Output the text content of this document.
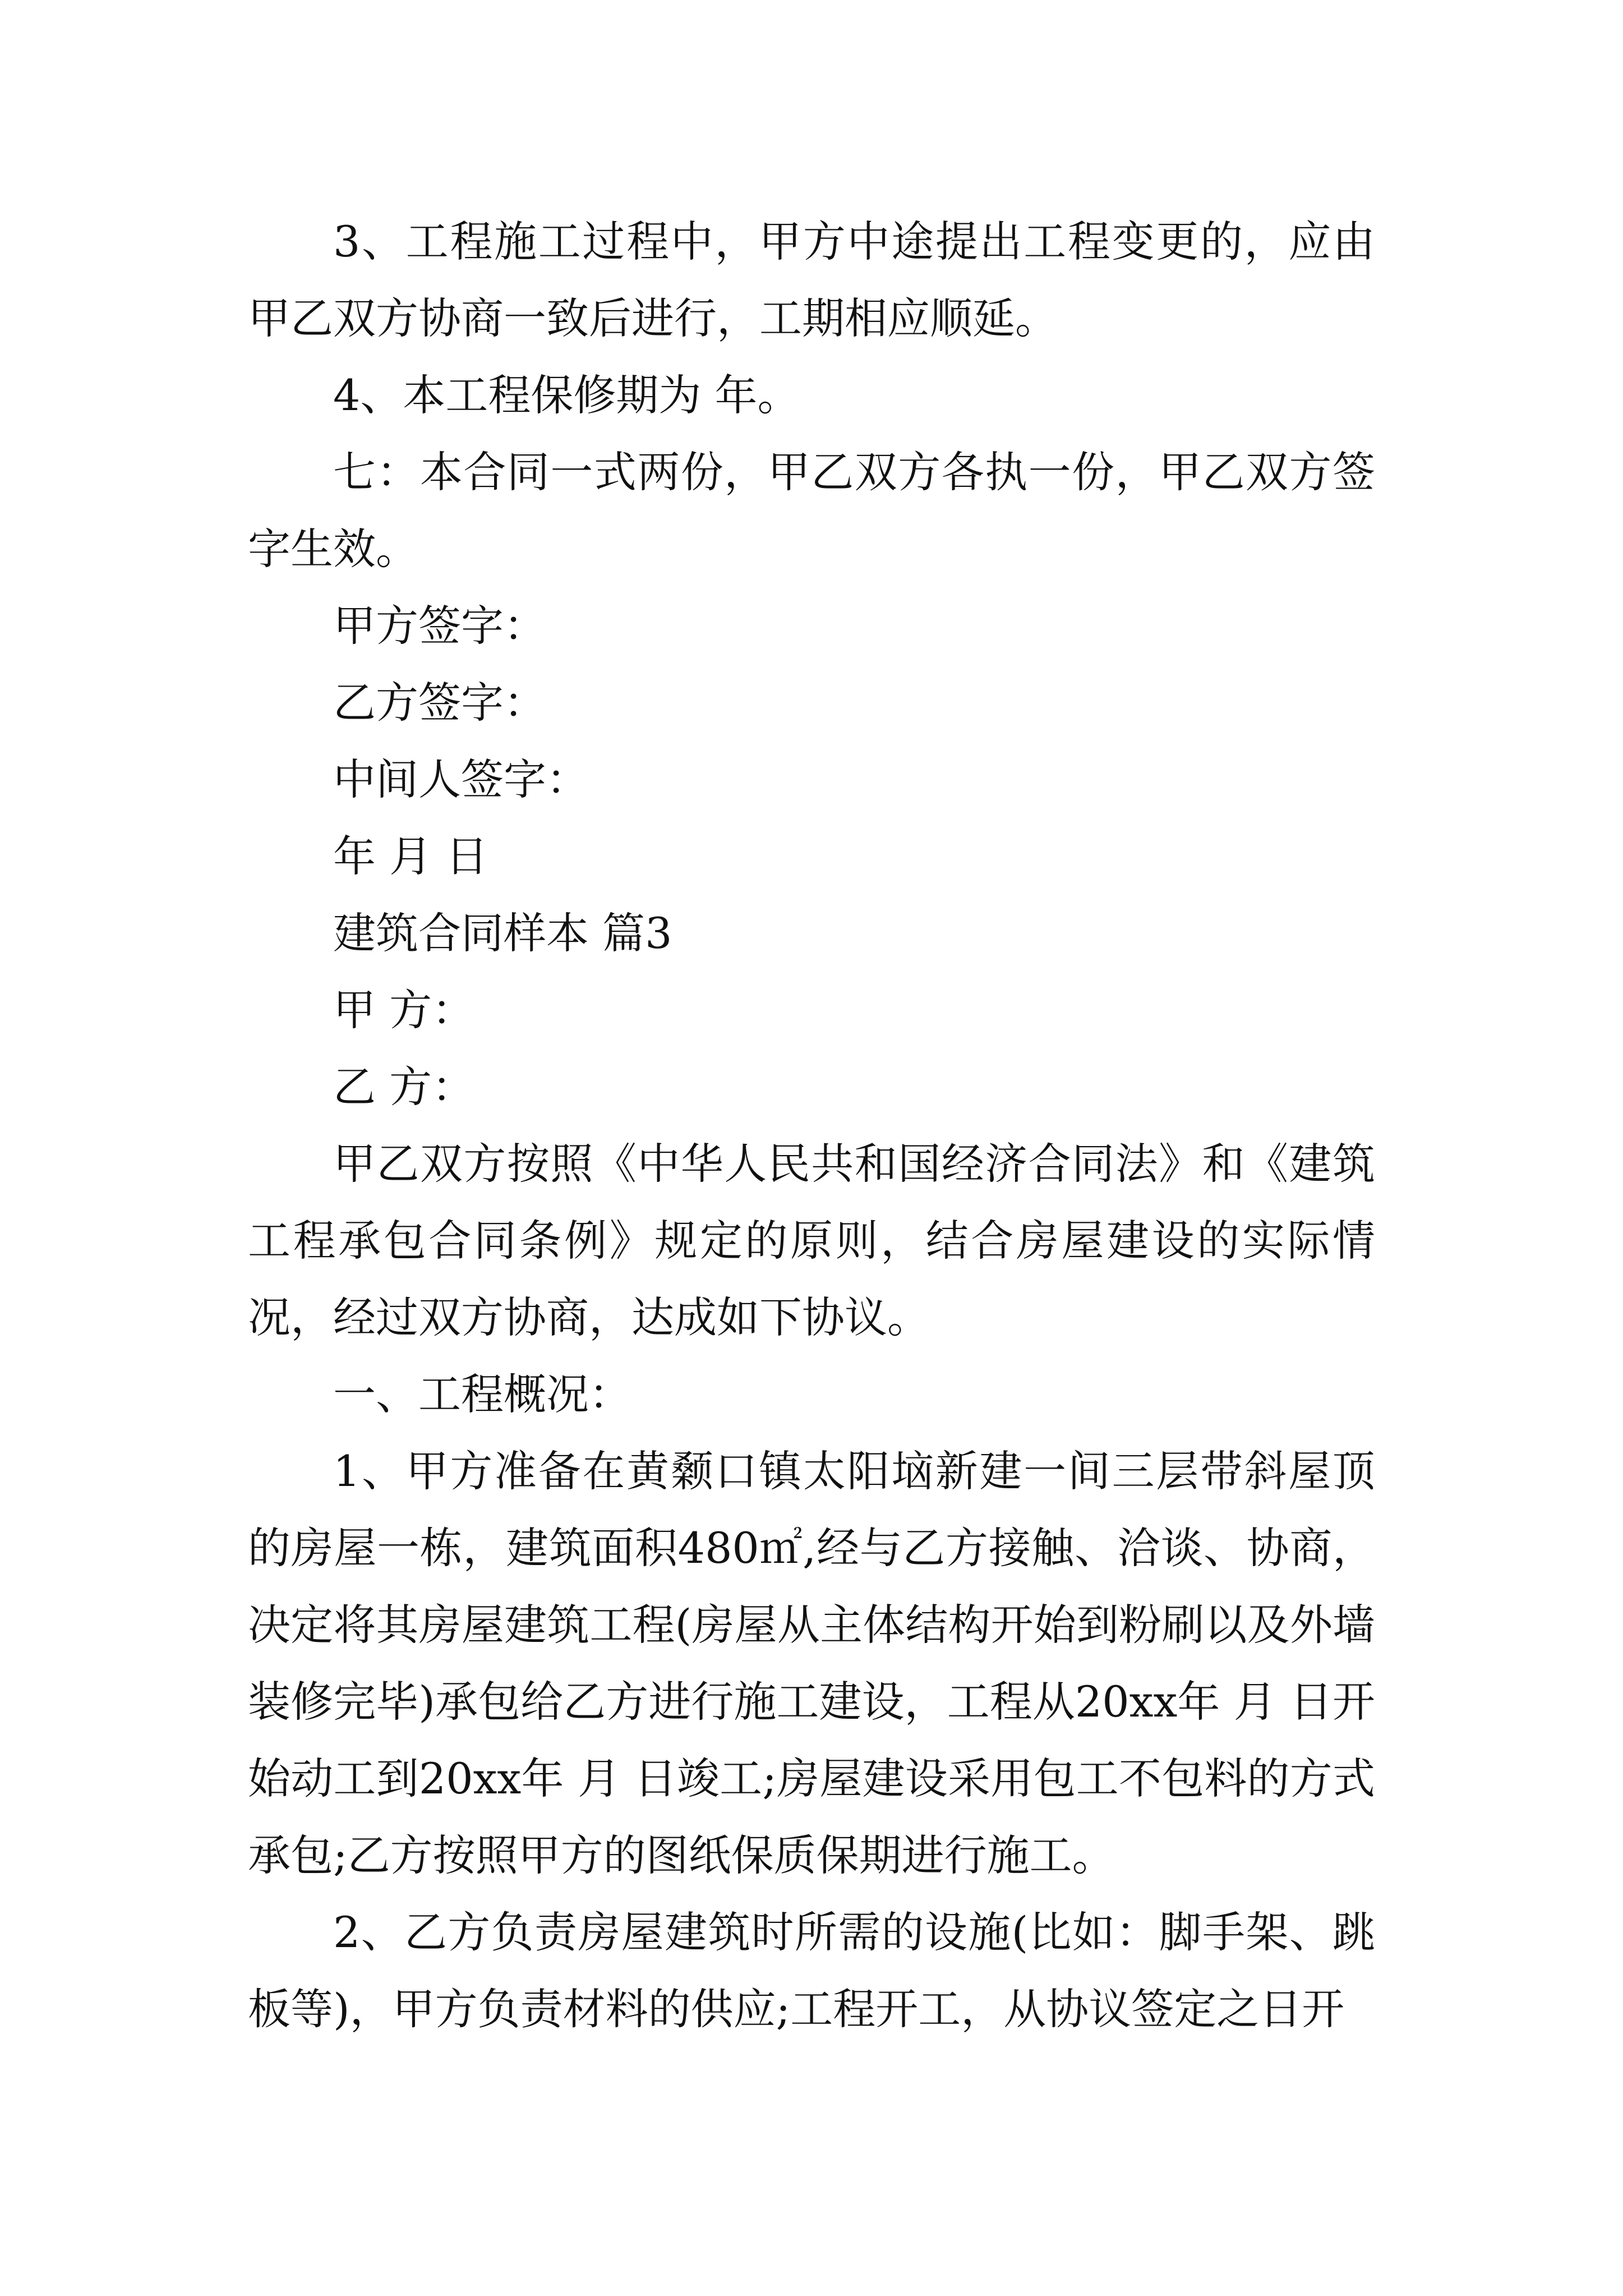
3、工程施工过程中，甲方中途提出工程变更的，应由甲乙双方协商一致后进行，工期相应顺延。

4、本工程保修期为 年。

七：本合同一式两份，甲乙双方各执一份，甲乙双方签字生效。

甲方签字：

乙方签字：

中间人签字：

年 月 日

建筑合同样本 篇3

甲 方：

乙 方：

甲乙双方按照《中华人民共和国经济合同法》和《建筑工程承包合同条例》规定的原则，结合房屋建设的实际情况，经过双方协商，达成如下协议。

一、工程概况：

1、甲方准备在黄颡口镇太阳垴新建一间三层带斜屋顶的房屋一栋，建筑面积480㎡,经与乙方接触、洽谈、协商，决定将其房屋建筑工程(房屋从主体结构开始到粉刷以及外墙装修完毕)承包给乙方进行施工建设，工程从20xx年 月 日开始动工到20xx年 月 日竣工;房屋建设采用包工不包料的方式承包;乙方按照甲方的图纸保质保期进行施工。

2、乙方负责房屋建筑时所需的设施(比如：脚手架、跳板等)，甲方负责材料的供应;工程开工，从协议签定之日开
